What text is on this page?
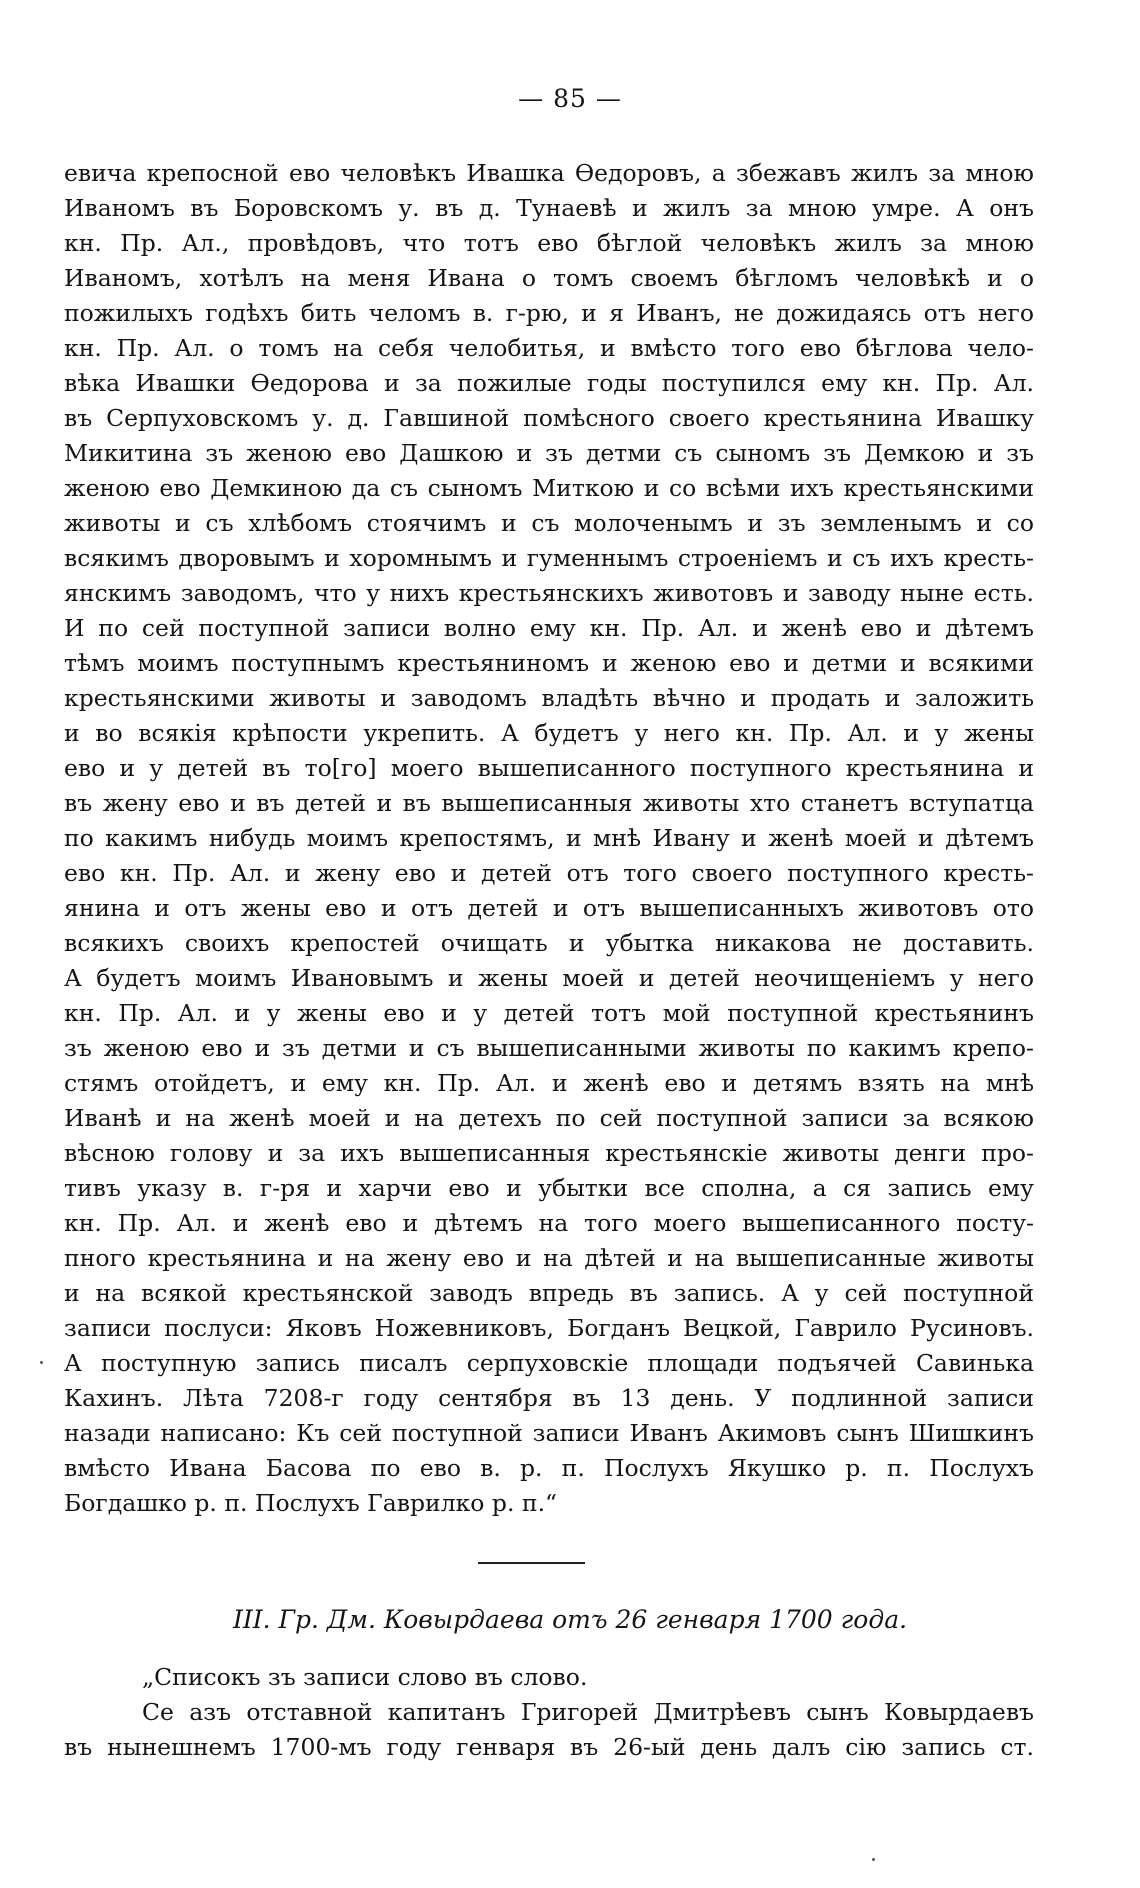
— 85 —
евича крепосной ево человѣкъ Ивашка Ѳедоровъ, а збежавъ жилъ за мною
Иваномъ въ Боровскомъ у. въ д. Тунаевѣ и жилъ за мною умре. А онъ
кн. Пр. Ал., провѣдовъ, что тотъ ево бѣглой человѣкъ жилъ за мною
Иваномъ, хотѣлъ на меня Ивана о томъ своемъ бѣгломъ человѣкѣ и о
пожилыхъ годѣхъ бить челомъ в. г-рю, и я Иванъ, не дожидаясь отъ него
кн. Пр. Ал. о томъ на себя челобитья, и вмѣсто того ево бѣглова чело-
вѣка Ивашки Ѳедорова и за пожилые годы поступился ему кн. Пр. Ал.
въ Серпуховскомъ у. д. Гавшиной помѣсного своего крестьянина Ивашку
Микитина зъ женою ево Дашкою и зъ детми съ сыномъ зъ Демкою и зъ
женою ево Демкиною да съ сыномъ Миткою и со всѣми ихъ крестьянскими
животы и съ хлѣбомъ стоячимъ и съ молоченымъ и зъ земленымъ и со
всякимъ дворовымъ и хоромнымъ и гуменнымъ строеніемъ и съ ихъ кресть-
янскимъ заводомъ, что у нихъ крестьянскихъ животовъ и заводу ныне есть.
И по сей поступной записи волно ему кн. Пр. Ал. и женѣ ево и дѣтемъ
тѣмъ моимъ поступнымъ крестьяниномъ и женою ево и детми и всякими
крестьянскими животы и заводомъ владѣть вѣчно и продать и заложить
и во всякія крѣпости укрепить. А будетъ у него кн. Пр. Ал. и у жены
ево и у детей въ то[го] моего вышеписанного поступного крестьянина и
въ жену ево и въ детей и въ вышеписанныя животы хто станетъ вступатца
по какимъ нибудь моимъ крепостямъ, и мнѣ Ивану и женѣ моей и дѣтемъ
ево кн. Пр. Ал. и жену ево и детей отъ того своего поступного кресть-
янина и отъ жены ево и отъ детей и отъ вышеписанныхъ животовъ ото
всякихъ своихъ крепостей очищать и убытка никакова не доставить.
А будетъ моимъ Ивановымъ и жены моей и детей неочищеніемъ у него
кн. Пр. Ал. и у жены ево и у детей тотъ мой поступной крестьянинъ
зъ женою ево и зъ детми и съ вышеписанными животы по какимъ крепо-
стямъ отойдетъ, и ему кн. Пр. Ал. и женѣ ево и детямъ взять на мнѣ
Иванѣ и на женѣ моей и на детехъ по сей поступной записи за всякою
вѣсною голову и за ихъ вышеписанныя крестьянскіе животы денги про-
тивъ указу в. г-ря и харчи ево и убытки все сполна, а ся запись ему
кн. Пр. Ал. и женѣ ево и дѣтемъ на того моего вышеписанного посту-
пного крестьянина и на жену ево и на дѣтей и на вышеписанные животы
и на всякой крестьянской заводъ впредь въ запись. А у сей поступной
записи послуси: Яковъ Ножевниковъ, Богданъ Вецкой, Гаврило Русиновъ.
А поступную запись писалъ серпуховскіе площади подъячей Савинька
Кахинъ. Лѣта 7208-г году сентября въ 13 день. У подлинной записи
назади написано: Къ сей поступной записи Иванъ Акимовъ сынъ Шишкинъ
вмѣсто Ивана Басова по ево в. р. п. Послухъ Якушко р. п. Послухъ
Богдашко р. п. Послухъ Гаврилко р. п.“
III. Гр. Дм. Ковырдаева отъ 26 генваря 1700 года.
„Списокъ зъ записи слово въ слово.
Се азъ отставной капитанъ Григорей Дмитрѣевъ сынъ Ковырдаевъ
въ нынешнемъ 1700-мъ году генваря въ 26-ый день далъ сію запись ст.
